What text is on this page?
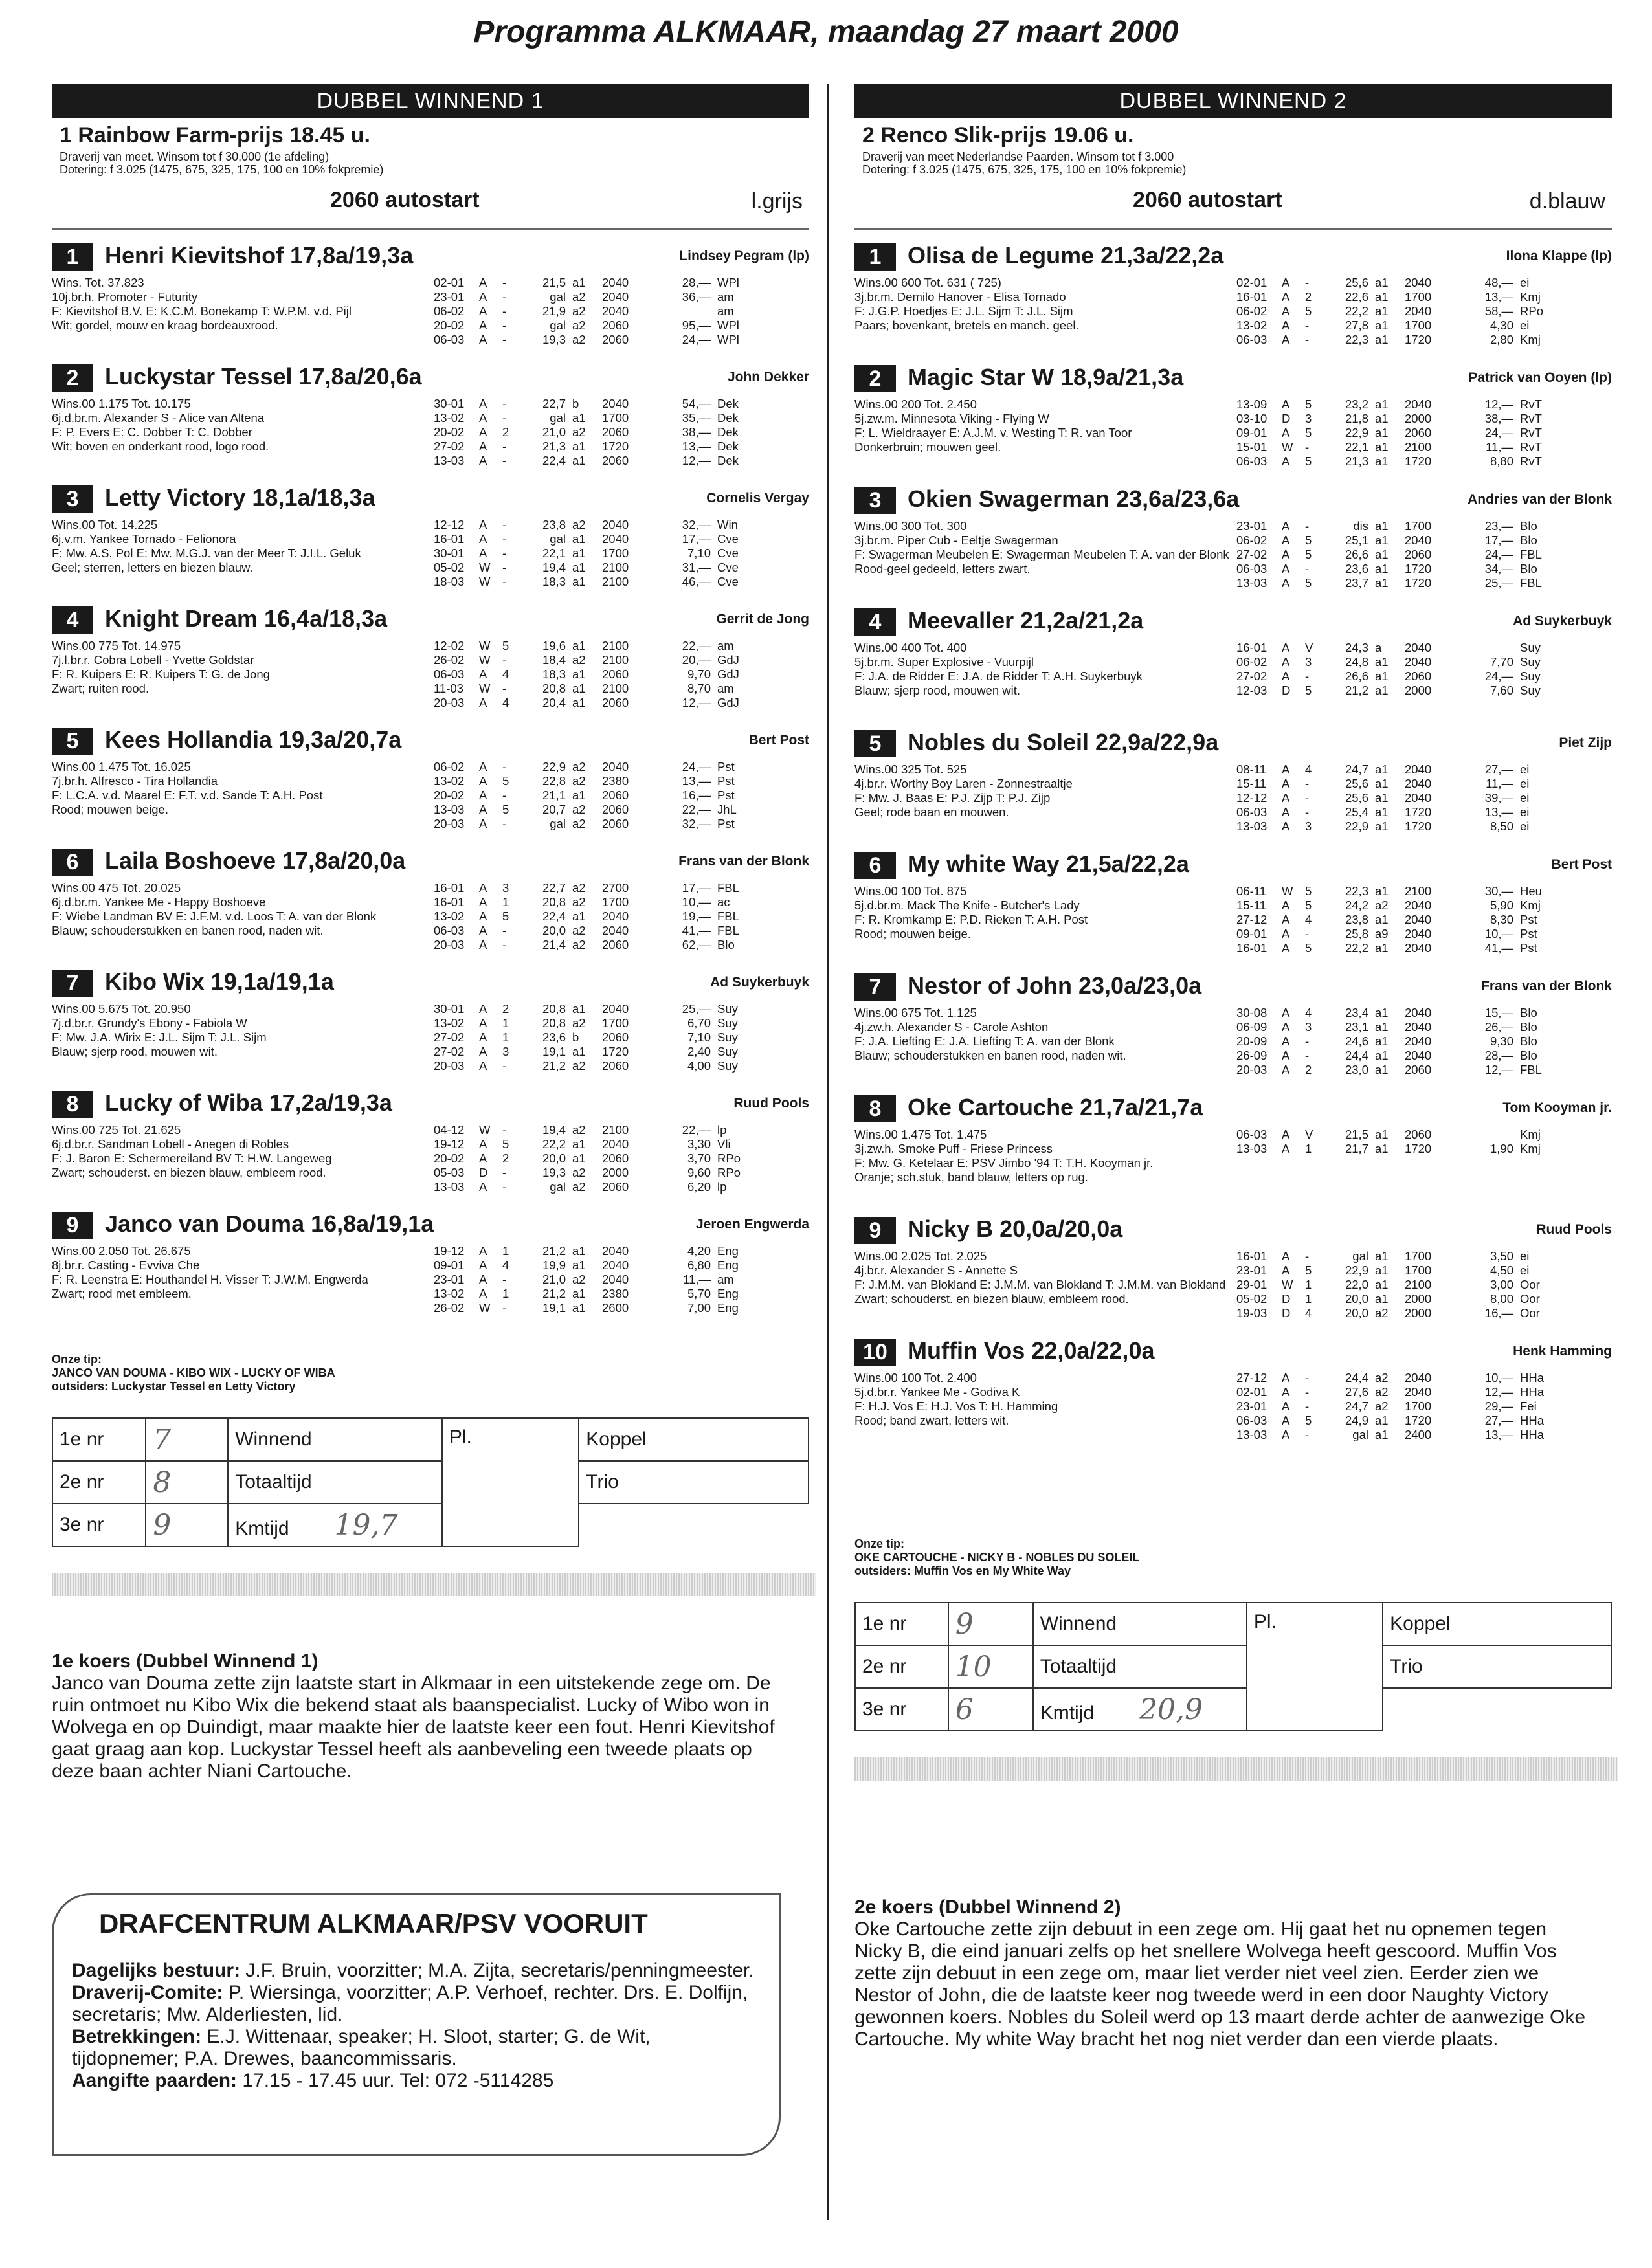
Programma ALKMAAR, maandag 27 maart 2000
DUBBEL WINNEND 1
1 Rainbow Farm-prijs 18.45 u.
Draverij van meet. Winsom tot f 30.000 (1e afdeling)
Dotering: f 3.025 (1475, 675, 325, 175, 100 en 10% fokpremie)
2060 autostart	l.grijs
1	Henri Kievitshof 17,8a/19,3a	Lindsey Pegram (lp)
Wins. Tot. 37.823
10j.br.h. Promoter - Futurity
F: Kievitshof B.V. E: K.C.M. Bonekamp T: W.P.M. v.d. Pijl
Wit; gordel, mouw en kraag bordeauxrood.
02-01	A	-	21,5	a1	2040	28,—	WPl
23-01	A	-	gal	a2	2040	36,—	am
06-02	A	-	21,9	a2	2040		am
20-02	A	-	gal	a2	2060	95,—	WPl
06-03	A	-	19,3	a2	2060	24,—	WPl
2	Luckystar Tessel 17,8a/20,6a	John Dekker
Wins.00 1.175 Tot. 10.175
6j.d.br.m. Alexander S - Alice van Altena
F: P. Evers E: C. Dobber T: C. Dobber
Wit; boven en onderkant rood, logo rood.
30-01	A	-	22,7	b	2040	54,—	Dek
13-02	A	-	gal	a1	1700	35,—	Dek
20-02	A	2	21,0	a2	2060	38,—	Dek
27-02	A	-	21,3	a1	1720	13,—	Dek
13-03	A	-	22,4	a1	2060	12,—	Dek
3	Letty Victory 18,1a/18,3a	Cornelis Vergay
Wins.00 Tot. 14.225
6j.v.m. Yankee Tornado - Felionora
F: Mw. A.S. Pol E: Mw. M.G.J. van der Meer T: J.I.L. Geluk
Geel; sterren, letters en biezen blauw.
12-12	A	-	23,8	a2	2040	32,—	Win
16-01	A	-	gal	a1	2040	17,—	Cve
30-01	A	-	22,1	a1	1700	7,10	Cve
05-02	W	-	19,4	a1	2100	31,—	Cve
18-03	W	-	18,3	a1	2100	46,—	Cve
4	Knight Dream 16,4a/18,3a	Gerrit de Jong
Wins.00 775 Tot. 14.975
7j.l.br.r. Cobra Lobell - Yvette Goldstar
F: R. Kuipers E: R. Kuipers T: G. de Jong
Zwart; ruiten rood.
12-02	W	5	19,6	a1	2100	22,—	am
26-02	W	-	18,4	a2	2100	20,—	GdJ
06-03	A	4	18,3	a1	2060	9,70	GdJ
11-03	W	-	20,8	a1	2100	8,70	am
20-03	A	4	20,4	a1	2060	12,—	GdJ
5	Kees Hollandia 19,3a/20,7a	Bert Post
Wins.00 1.475 Tot. 16.025
7j.br.h. Alfresco - Tira Hollandia
F: L.C.A. v.d. Maarel E: F.T. v.d. Sande T: A.H. Post
Rood; mouwen beige.
06-02	A	-	22,9	a2	2040	24,—	Pst
13-02	A	5	22,8	a2	2380	13,—	Pst
20-02	A	-	21,1	a1	2060	16,—	Pst
13-03	A	5	20,7	a2	2060	22,—	JhL
20-03	A	-	gal	a2	2060	32,—	Pst
6	Laila Boshoeve 17,8a/20,0a	Frans van der Blonk
Wins.00 475 Tot. 20.025
6j.d.br.m. Yankee Me - Happy Boshoeve
F: Wiebe Landman BV E: J.F.M. v.d. Loos T: A. van der Blonk
Blauw; schouderstukken en banen rood, naden wit.
16-01	A	3	22,7	a2	2700	17,—	FBL
16-01	A	1	20,8	a2	1700	10,—	ac
13-02	A	5	22,4	a1	2040	19,—	FBL
06-03	A	-	20,0	a2	2040	41,—	FBL
20-03	A	-	21,4	a2	2060	62,—	Blo
7	Kibo Wix 19,1a/19,1a	Ad Suykerbuyk
Wins.00 5.675 Tot. 20.950
7j.d.br.r. Grundy's Ebony - Fabiola W
F: Mw. J.A. Wirix E: J.L. Sijm T: J.L. Sijm
Blauw; sjerp rood, mouwen wit.
30-01	A	2	20,8	a1	2040	25,—	Suy
13-02	A	1	20,8	a2	1700	6,70	Suy
27-02	A	1	23,6	b	2060	7,10	Suy
27-02	A	3	19,1	a1	1720	2,40	Suy
20-03	A	-	21,2	a2	2060	4,00	Suy
8	Lucky of Wiba 17,2a/19,3a	Ruud Pools
Wins.00 725 Tot. 21.625
6j.d.br.r. Sandman Lobell - Anegen di Robles
F: J. Baron E: Schermereiland BV T: H.W. Langeweg
Zwart; schouderst. en biezen blauw, embleem rood.
04-12	W	-	19,4	a2	2100	22,—	lp
19-12	A	5	22,2	a1	2040	3,30	Vli
20-02	A	2	20,0	a1	2060	3,70	RPo
05-03	D	-	19,3	a2	2000	9,60	RPo
13-03	A	-	gal	a2	2060	6,20	lp
9	Janco van Douma 16,8a/19,1a	Jeroen Engwerda
Wins.00 2.050 Tot. 26.675
8j.br.r. Casting - Evviva Che
F: R. Leenstra E: Houthandel H. Visser T: J.W.M. Engwerda
Zwart; rood met embleem.
19-12	A	1	21,2	a1	2040	4,20	Eng
09-01	A	4	19,9	a1	2040	6,80	Eng
23-01	A	-	21,0	a2	2040	11,—	am
13-02	A	1	21,2	a1	2380	5,70	Eng
26-02	W	-	19,1	a1	2600	7,00	Eng
Onze tip:
JANCO VAN DOUMA - KIBO WIX - LUCKY OF WIBA
outsiders: Luckystar Tessel en Letty Victory
1e nr	7	Winnend	Pl.	Koppel
2e nr	8	Totaaltijd		Trio
3e nr	9	Kmtijd 19,7		
1e koers (Dubbel Winnend 1)
Janco van Douma zette zijn laatste start in Alkmaar in een uitstekende zege om. De ruin ontmoet nu Kibo Wix die bekend staat als baanspecialist. Lucky of Wibo won in Wolvega en op Duindigt, maar maakte hier de laatste keer een fout. Henri Kievitshof gaat graag aan kop. Luckystar Tessel heeft als aanbeveling een tweede plaats op deze baan achter Niani Cartouche.
DUBBEL WINNEND 2
2 Renco Slik-prijs 19.06 u.
Draverij van meet Nederlandse Paarden. Winsom tot f 3.000
Dotering: f 3.025 (1475, 675, 325, 175, 100 en 10% fokpremie)
2060 autostart	d.blauw
1	Olisa de Legume 21,3a/22,2a	Ilona Klappe (lp)
Wins.00 600 Tot. 631 ( 725)
3j.br.m. Demilo Hanover - Elisa Tornado
F: J.G.P. Hoedjes E: J.L. Sijm T: J.L. Sijm
Paars; bovenkant, bretels en manch. geel.
02-01	A	-	25,6	a1	2040	48,—	ei
16-01	A	2	22,6	a1	1700	13,—	Kmj
06-02	A	5	22,2	a1	2040	58,—	RPo
13-02	A	-	27,8	a1	1700	4,30	ei
06-03	A	-	22,3	a1	1720	2,80	Kmj
2	Magic Star W 18,9a/21,3a	Patrick van Ooyen (lp)
Wins.00 200 Tot. 2.450
5j.zw.m. Minnesota Viking - Flying W
F: L. Wieldraayer E: A.J.M. v. Westing T: R. van Toor
Donkerbruin; mouwen geel.
13-09	A	5	23,2	a1	2040	12,—	RvT
03-10	D	3	21,8	a1	2000	38,—	RvT
09-01	A	5	22,9	a1	2060	24,—	RvT
15-01	W	-	22,1	a1	2100	11,—	RvT
06-03	A	5	21,3	a1	1720	8,80	RvT
3	Okien Swagerman 23,6a/23,6a	Andries van der Blonk
Wins.00 300 Tot. 300
3j.br.m. Piper Cub - Eeltje Swagerman
F: Swagerman Meubelen E: Swagerman Meubelen T: A. van der Blonk
Rood-geel gedeeld, letters zwart.
23-01	A	-	dis	a1	1700	23,—	Blo
06-02	A	5	25,1	a1	2040	17,—	Blo
27-02	A	5	26,6	a1	2060	24,—	FBL
06-03	A	-	23,6	a1	1720	34,—	Blo
13-03	A	5	23,7	a1	1720	25,—	FBL
4	Meevaller 21,2a/21,2a	Ad Suykerbuyk
Wins.00 400 Tot. 400
5j.br.m. Super Explosive - Vuurpijl
F: J.A. de Ridder E: J.A. de Ridder T: A.H. Suykerbuyk
Blauw; sjerp rood, mouwen wit.
16-01	A	V	24,3	a	2040		Suy
06-02	A	3	24,8	a1	2040	7,70	Suy
27-02	A	-	26,6	a1	2060	24,—	Suy
12-03	D	5	21,2	a1	2000	7,60	Suy
5	Nobles du Soleil 22,9a/22,9a	Piet Zijp
Wins.00 325 Tot. 525
4j.br.r. Worthy Boy Laren - Zonnestraaltje
F: Mw. J. Baas E: P.J. Zijp T: P.J. Zijp
Geel; rode baan en mouwen.
08-11	A	4	24,7	a1	2040	27,—	ei
15-11	A	-	25,6	a1	2040	11,—	ei
12-12	A	-	25,6	a1	2040	39,—	ei
06-03	A	-	25,4	a1	1720	13,—	ei
13-03	A	3	22,9	a1	1720	8,50	ei
6	My white Way 21,5a/22,2a	Bert Post
Wins.00 100 Tot. 875
5j.d.br.m. Mack The Knife - Butcher's Lady
F: R. Kromkamp E: P.D. Rieken T: A.H. Post
Rood; mouwen beige.
06-11	W	5	22,3	a1	2100	30,—	Heu
15-11	A	5	24,2	a2	2040	5,90	Kmj
27-12	A	4	23,8	a1	2040	8,30	Pst
09-01	A	-	25,8	a9	2040	10,—	Pst
16-01	A	5	22,2	a1	2040	41,—	Pst
7	Nestor of John 23,0a/23,0a	Frans van der Blonk
Wins.00 675 Tot. 1.125
4j.zw.h. Alexander S - Carole Ashton
F: J.A. Liefting E: J.A. Liefting T: A. van der Blonk
Blauw; schouderstukken en banen rood, naden wit.
30-08	A	4	23,4	a1	2040	15,—	Blo
06-09	A	3	23,1	a1	2040	26,—	Blo
20-09	A	-	24,6	a1	2040	9,30	Blo
26-09	A	-	24,4	a1	2040	28,—	Blo
20-03	A	2	23,0	a1	2060	12,—	FBL
8	Oke Cartouche 21,7a/21,7a	Tom Kooyman jr.
Wins.00 1.475 Tot. 1.475
3j.zw.h. Smoke Puff - Friese Princess
F: Mw. G. Ketelaar E: PSV Jimbo '94 T: T.H. Kooyman jr.
Oranje; sch.stuk, band blauw, letters op rug.
06-03	A	V	21,5	a1	2060		Kmj
13-03	A	1	21,7	a1	1720	1,90	Kmj
9	Nicky B 20,0a/20,0a	Ruud Pools
Wins.00 2.025 Tot. 2.025
4j.br.r. Alexander S - Annette S
F: J.M.M. van Blokland E: J.M.M. van Blokland T: J.M.M. van Blokland
Zwart; schouderst. en biezen blauw, embleem rood.
16-01	A	-	gal	a1	1700	3,50	ei
23-01	A	5	22,9	a1	1700	4,50	ei
29-01	W	1	22,0	a1	2100	3,00	Oor
05-02	D	1	20,0	a1	2000	8,00	Oor
19-03	D	4	20,0	a2	2000	16,—	Oor
10 Muffin Vos 22,0a/22,0a	Henk Hamming
Wins.00 100 Tot. 2.400
5j.d.br.r. Yankee Me - Godiva K
F: H.J. Vos E: H.J. Vos T: H. Hamming
Rood; band zwart, letters wit.
27-12	A	-	24,4	a2	2040	10,—	HHa
02-01	A	-	27,6	a2	2040	12,—	HHa
23-01	A	-	24,7	a2	1700	29,—	Fei
06-03	A	5	24,9	a1	1720	27,—	HHa
13-03	A	-	gal	a1	2400	13,—	HHa
Onze tip:
OKE CARTOUCHE - NICKY B - NOBLES DU SOLEIL
outsiders: Muffin Vos en My White Way
1e nr	9	Winnend	Pl.	Koppel
2e nr	10	Totaaltijd		Trio
3e nr	6	Kmtijd 20,9		
2e koers (Dubbel Winnend 2)
Oke Cartouche zette zijn debuut in een zege om. Hij gaat het nu opnemen tegen Nicky B, die eind januari zelfs op het snellere Wolvega heeft gescoord. Muffin Vos zette zijn debuut in een zege om, maar liet verder niet veel zien. Eerder zien we Nestor of John, die de laatste keer nog tweede werd in een door Naughty Victory gewonnen koers. Nobles du Soleil werd op 13 maart derde achter de aanwezige Oke Cartouche. My white Way bracht het nog niet verder dan een vierde plaats.
DRAFCENTRUM ALKMAAR/PSV VOORUIT
Dagelijks bestuur: J.F. Bruin, voorzitter; M.A. Zijta, secretaris/penningmeester.
Draverij-Comite: P. Wiersinga, voorzitter; A.P. Verhoef, rechter. Drs. E. Dolfijn, secretaris; Mw. Alderliesten, lid.
Betrekkingen: E.J. Wittenaar, speaker; H. Sloot, starter; G. de Wit, tijdopnemer; P.A. Drewes, baancommissaris.
Aangifte paarden: 17.15 - 17.45 uur. Tel: 072 -5114285
